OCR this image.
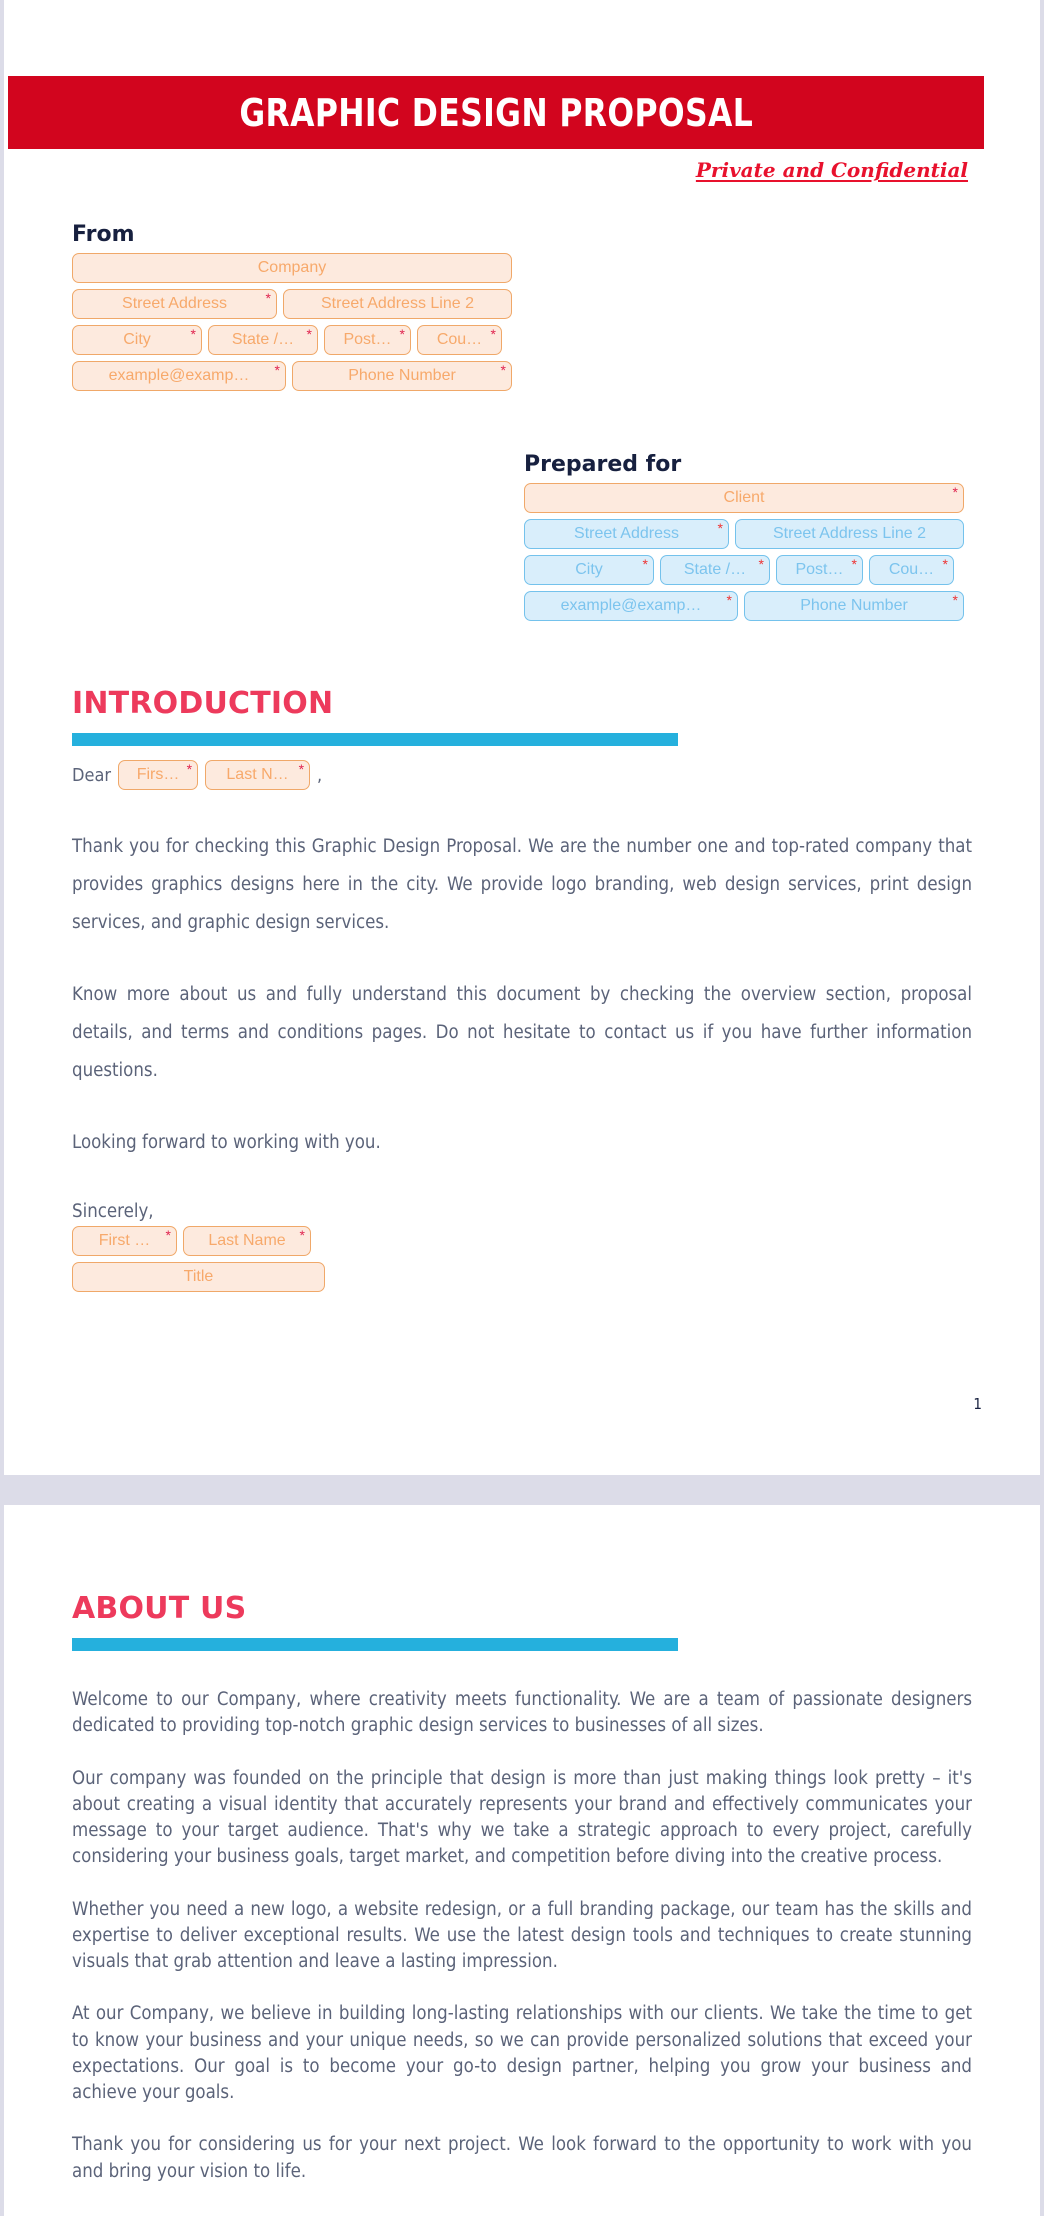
GRAPHIC DESIGN PROPOSAL
Private and Confidential
From
Company
Street Address	*	Street Address Line 2
City	* State /… * Post… * Cou… *
example@examp… *	Phone Number	*
Prepared for
Client	*
Street Address	*	Street Address Line 2
City	* State /… * Post… * Cou… *
example@examp… *	Phone Number	*
INTRODUCTION
Dear Firs… * Last N… * ,

Thank you for checking this Graphic Design Proposal. We are the number one and top-rated company that provides graphics designs here in the city. We provide logo branding, web design services, print design services, and graphic design services.

Know more about us and fully understand this document by checking the overview section, proposal details, and terms and conditions pages. Do not hesitate to contact us if you have further information questions.

Looking forward to working with you.

Sincerely,
First … * Last Name *
Title
1
ABOUT US

Welcome to our Company, where creativity meets functionality. We are a team of passionate designers dedicated to providing top-notch graphic design services to businesses of all sizes.

Our company was founded on the principle that design is more than just making things look pretty – it's about creating a visual identity that accurately represents your brand and effectively communicates your message to your target audience. That's why we take a strategic approach to every project, carefully considering your business goals, target market, and competition before diving into the creative process.

Whether you need a new logo, a website redesign, or a full branding package, our team has the skills and expertise to deliver exceptional results. We use the latest design tools and techniques to create stunning visuals that grab attention and leave a lasting impression.

At our Company, we believe in building long-lasting relationships with our clients. We take the time to get to know your business and your unique needs, so we can provide personalized solutions that exceed your expectations. Our goal is to become your go-to design partner, helping you grow your business and achieve your goals.

Thank you for considering us for your next project. We look forward to the opportunity to work with you and bring your vision to life.
